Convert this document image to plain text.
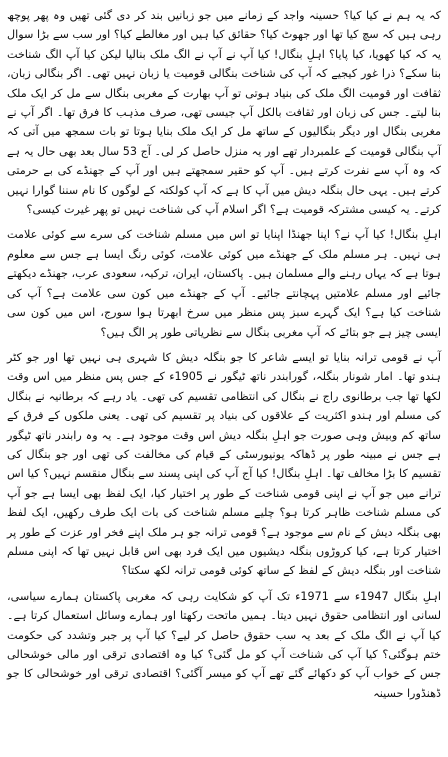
کہ یہ ہم نے کیا کیا؟ حسینہ واجد کے زمانے میں جو زبانیں بند کر دی گئی تھیں وہ پھر پوچھ رہی ہیں کہ سچ کیا تھا اور جھوٹ کیا؟ حقائق کیا ہیں اور مغالطے کیا؟ اور سب سے بڑا سوال یہ کہ کیا کھویا، کیا پایا؟ اہلِ بنگال! کیا آپ نے آپ نے الگ ملک بنالیا لیکن کیا آپ الگ شناخت بنا سکے؟ ذرا غور کیجیے کہ آپ کی شناخت بنگالی قومیت یا زبان نہیں تھی۔ اگر بنگالی زبان، ثقافت اور قومیت الگ ملک کی بنیاد ہوتی تو آپ بھارت کے مغربی بنگال سے مل کر ایک ملک بنا لیتے۔ جس کی زبان اور ثقافت بالکل آپ جیسی تھی، صرف مذہب کا فرق تھا۔ اگر آپ نے مغربی بنگال اور دیگر بنگالیوں کے ساتھ مل کر ایک ملک بنایا ہوتا تو بات سمجھ میں آتی کہ آپ بنگالی قومیت کے علمبردار تھے اور یہ منزل حاصل کر لی۔ آج 53 سال بعد بھی حال یہ ہے کہ وہ آپ سے نفرت کرتے ہیں۔ آپ کو حقیر سمجھتے ہیں اور آپ کے جھنڈے کی بے حرمتی کرتے ہیں۔ یہی حال بنگلہ دیش میں آپ کا ہے کہ آپ کولکتہ کے لوگوں کا نام سننا گوارا نہیں کرتے۔ یہ کیسی مشترکہ قومیت ہے؟ اگر اسلام آپ کی شناخت نہیں تو پھر غیرت کیسی؟

اہلِ بنگال! کیا آپ نے؟ اپنا جھنڈا اپنایا تو اس میں مسلم شناخت کی سرے سے کوئی علامت ہی نہیں۔ ہر مسلم ملک کے جھنڈے میں کوئی علامت، کوئی رنگ ایسا ہے جس سے معلوم ہوتا ہے کہ یہاں رہنے والے مسلمان ہیں۔ پاکستان، ایران، ترکیہ، سعودی عرب، جھنڈے دیکھتے جائیے اور مسلم علامتیں پہچانتے جائیے۔ آپ کے جھنڈے میں کون سی علامت ہے؟ آپ کی شناخت کیا ہے؟ ایک گہرے سبز پس منظر میں سرخ ابھرتا ہوا سورج، اس میں کون سی ایسی چیز ہے جو بتائے کہ آپ مغربی بنگال سے نظریاتی طور پر الگ ہیں؟

آپ نے قومی ترانہ بنایا تو ایسے شاعر کا جو بنگلہ دیش کا شہری ہی نہیں تھا اور جو کٹر ہندو تھا۔ امار شونار بنگلہ، گورابندر ناتھ ٹیگور نے 1905ء کے جس پس منظر میں اس وقت لکھا تھا جب برطانوی راج نے بنگال کی انتظامی تقسیم کی تھی۔ یاد رہے کہ برطانیہ نے بنگال کی مسلم اور ہندو اکثریت کے علاقوں کی بنیاد پر تقسیم کی تھی۔ یعنی ملکوں کے فرق کے ساتھ کم وبیش وہی صورت جو اہلِ بنگلہ دیش اس وقت موجود ہے۔ یہ وہ رابندر ناتھ ٹیگور ہے جس نے مبینہ طور پر ڈھاکہ یونیورسٹی کے قیام کی مخالفت کی تھی اور جو بنگال کی تقسیم کا بڑا مخالف تھا۔ اہلِ بنگال! کیا آج آپ کی اپنی پسند سے بنگال منقسم نہیں؟ کیا اس ترانے میں جو آپ نے اپنی قومی شناخت کے طور پر اختیار کیا، ایک لفظ بھی ایسا ہے جو آپ کی مسلم شناخت ظاہر کرتا ہو؟ چلیے مسلم شناخت کی بات ایک طرف رکھیں، ایک لفظ بھی بنگلہ دیش کے نام سے موجود ہے؟ قومی ترانہ جو ہر ملک اپنے فخر اور عزت کے طور پر اختیار کرتا ہے، کیا کروڑوں بنگلہ دیشیوں میں ایک فرد بھی اس قابل نہیں تھا کہ اپنی مسلم شناخت اور بنگلہ دیش کے لفظ کے ساتھ کوئی قومی ترانہ لکھ سکتا؟

اہلِ بنگال 1947ء سے 1971ء تک آپ کو شکایت رہی کہ مغربی پاکستان ہمارے سیاسی، لسانی اور انتظامی حقوق نہیں دیتا۔ ہمیں ماتحت رکھتا اور ہمارے وسائل استعمال کرتا ہے۔ کیا آپ نے الگ ملک کے بعد یہ سب حقوق حاصل کر لیے؟ کیا آپ پر جبر وتشدد کی حکومت ختم ہوگئی؟ کیا آپ کی شناخت آپ کو مل گئی؟ کیا وہ اقتصادی ترقی اور مالی خوشحالی جس کے خواب آپ کو دکھائے گئے تھے آپ کو میسر آگئی؟ اقتصادی ترقی اور خوشحالی کا جو ڈھنڈورا حسینہ
